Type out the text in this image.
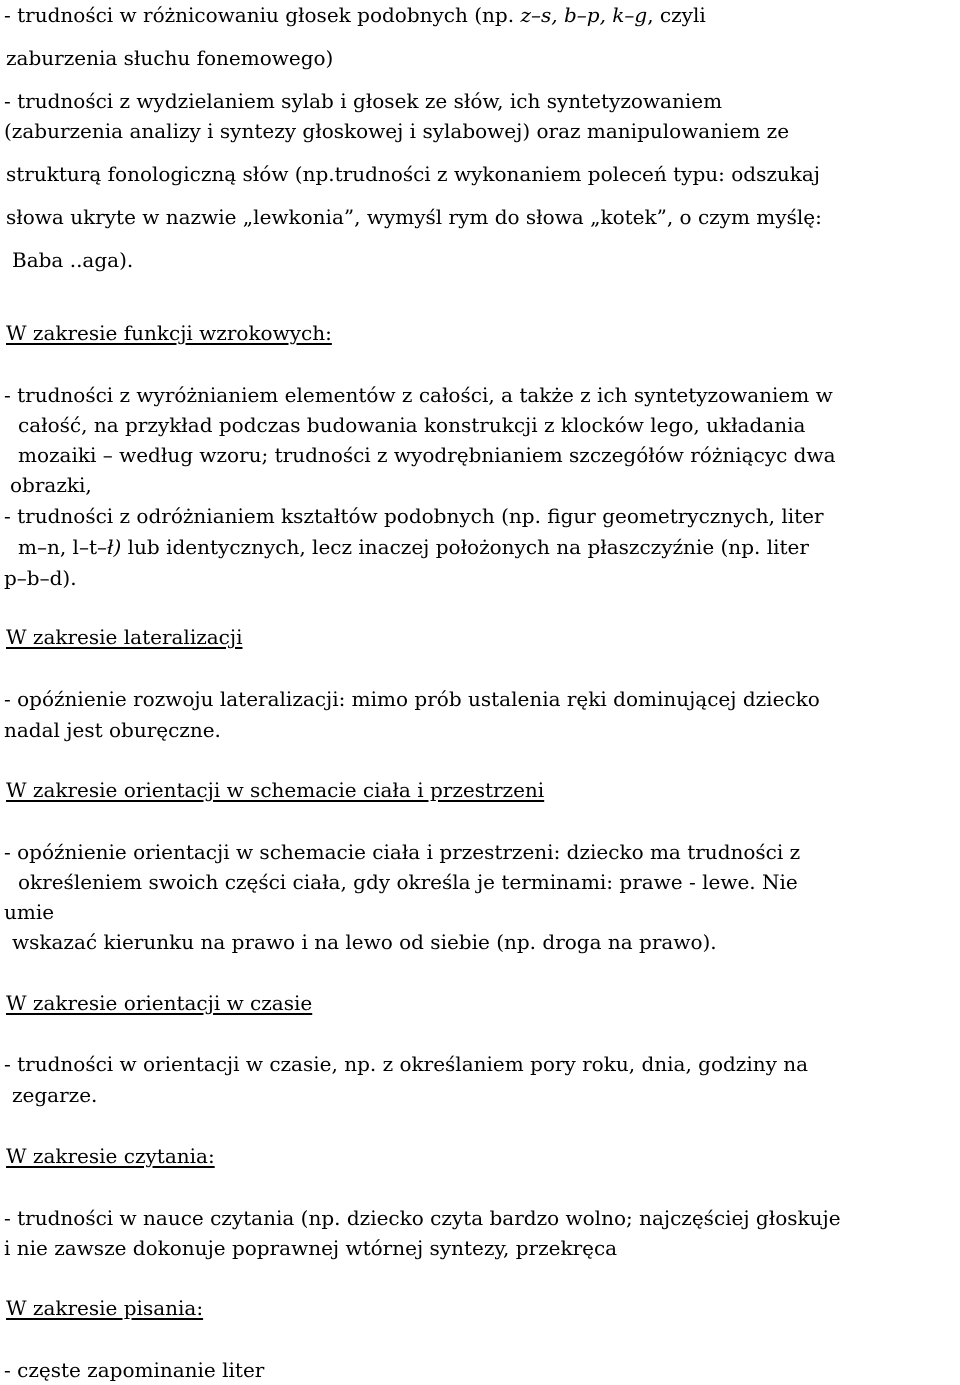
- trudności w różnicowaniu głosek podobnych (np. z–s, b–p, k–g, czyli
zaburzenia słuchu fonemowego)
- trudności z wydzielaniem sylab i głosek ze słów, ich syntetyzowaniem
(zaburzenia analizy i syntezy głoskowej i sylabowej) oraz manipulowaniem ze
strukturą fonologiczną słów (np.trudności z wykonaniem poleceń typu: odszukaj
słowa ukryte w nazwie „lewkonia”, wymyśl rym do słowa „kotek”, o czym myślę:
Baba ..aga).
W zakresie funkcji wzrokowych:
- trudności z wyróżnianiem elementów z całości, a także z ich syntetyzowaniem w
całość, na przykład podczas budowania konstrukcji z klocków lego, układania
mozaiki – według wzoru; trudności z wyodrębnianiem szczegółów różniącyc dwa
obrazki,
- trudności z odróżnianiem kształtów podobnych (np. figur geometrycznych, liter
m–n, l–t–ł) lub identycznych, lecz inaczej położonych na płaszczyźnie (np. liter
p–b–d).
W zakresie lateralizacji
- opóźnienie rozwoju lateralizacji: mimo prób ustalenia ręki dominującej dziecko
nadal jest oburęczne.
W zakresie orientacji w schemacie ciała i przestrzeni
- opóźnienie orientacji w schemacie ciała i przestrzeni: dziecko ma trudności z
określeniem swoich części ciała, gdy określa je terminami: prawe - lewe. Nie
umie
wskazać kierunku na prawo i na lewo od siebie (np. droga na prawo).
W zakresie orientacji w czasie
- trudności w orientacji w czasie, np. z określaniem pory roku, dnia, godziny na
zegarze.
W zakresie czytania:
- trudności w nauce czytania (np. dziecko czyta bardzo wolno; najczęściej głoskuje
i nie zawsze dokonuje poprawnej wtórnej syntezy, przekręca
W zakresie pisania:
- częste zapominanie liter
